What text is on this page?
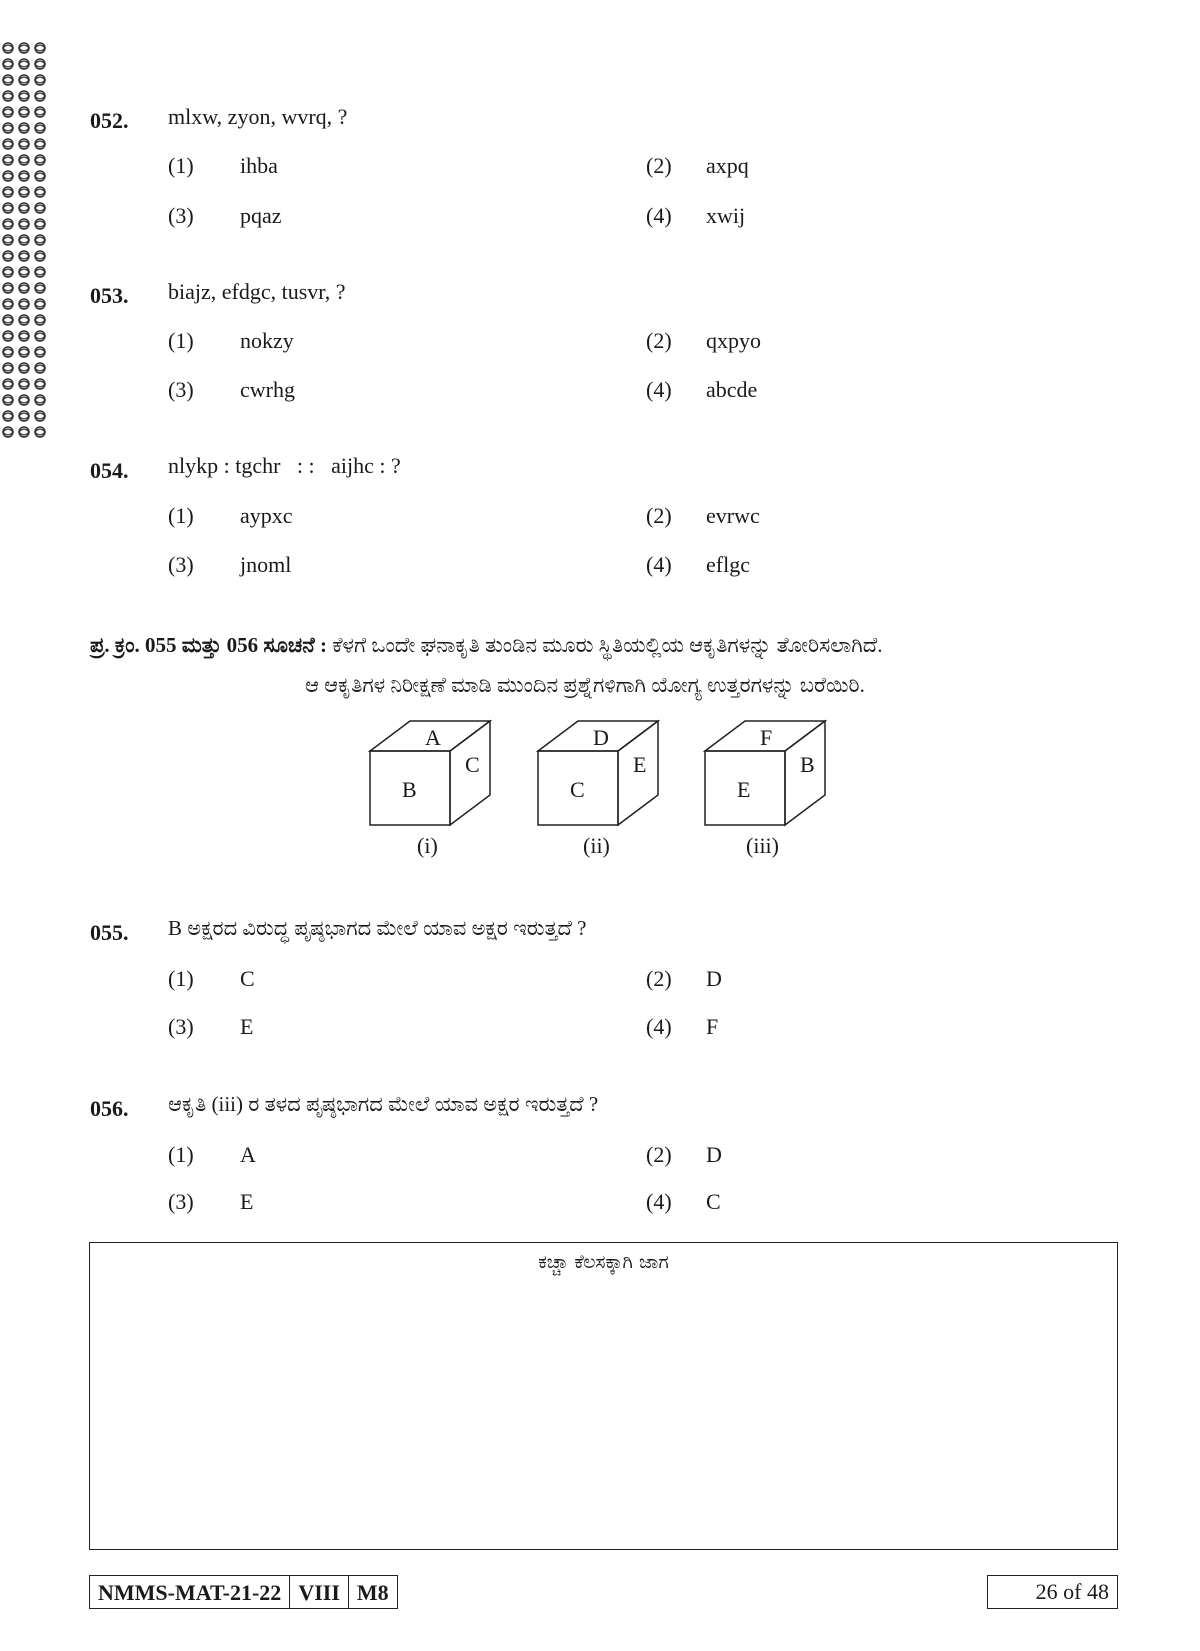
052. mlxw, zyon, wvrq, ?
(1) ihba	(2) axpq
(3) pqaz	(4) xwij
053. biajz, efdgc, tusvr, ?
(1) nokzy	(2) qxpyo
(3) cwrhg	(4) abcde
054. nlykp : tgchr   : :   aijhc : ?
(1) aypxc	(2) evrwc
(3) jnoml	(4) eflgc
ಪ್ರ. ಕ್ರಂ. 055 ಮತ್ತು 056 ಸೂಚನೆ : ಕೆಳಗೆ ಒಂದೇ ಘನಾಕೃತಿ ತುಂಡಿನ ಮೂರು ಸ್ಥಿತಿಯಲ್ಲಿಯ ಆಕೃತಿಗಳನ್ನು ತೋರಿಸಲಾಗಿದೆ.
ಆ ಆಕೃತಿಗಳ ನಿರೀಕ್ಷಣೆ ಮಾಡಿ ಮುಂದಿನ ಪ್ರಶ್ನೆಗಳಿಗಾಗಿ ಯೋಗ್ಯ ಉತ್ತರಗಳನ್ನು ಬರೆಯಿರಿ.
A
B
C
(i)
D
C
E
(ii)
F
E
B
(iii)
055. B ಅಕ್ಷರದ ವಿರುದ್ಧ ಪೃಷ್ಠಭಾಗದ ಮೇಲೆ ಯಾವ ಅಕ್ಷರ ಇರುತ್ತದೆ ?
(1) C	(2) D
(3) E	(4) F
056. ಆಕೃತಿ (iii) ರ ತಳದ ಪೃಷ್ಠಭಾಗದ ಮೇಲೆ ಯಾವ ಅಕ್ಷರ ಇರುತ್ತದೆ ?
(1) A	(2) D
(3) E	(4) C
ಕಚ್ಚಾ ಕೆಲಸಕ್ಕಾಗಿ ಜಾಗ
NMMS-MAT-21-22 VIII M8	26 of 48
